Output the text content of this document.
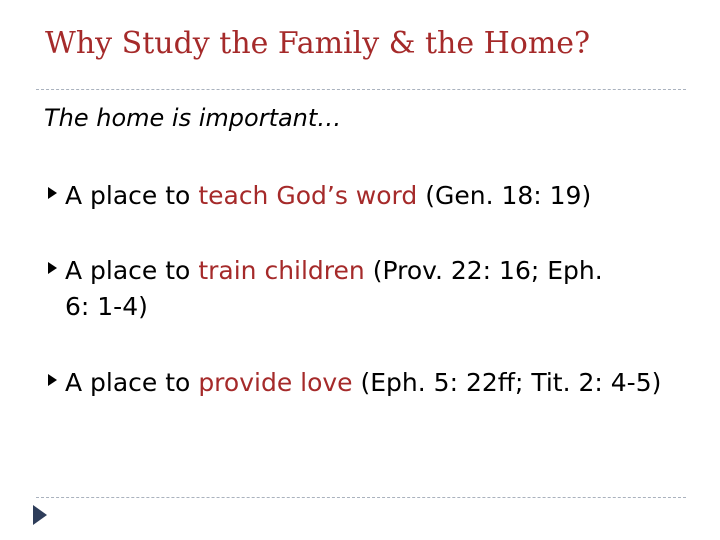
Why Study the Family & the Home?

The home is important…

A place to teach God’s word (Gen. 18: 19)
A place to train children (Prov. 22: 16; Eph. 6: 1-4)
A place to provide love (Eph. 5: 22ff; Tit. 2: 4-5)
